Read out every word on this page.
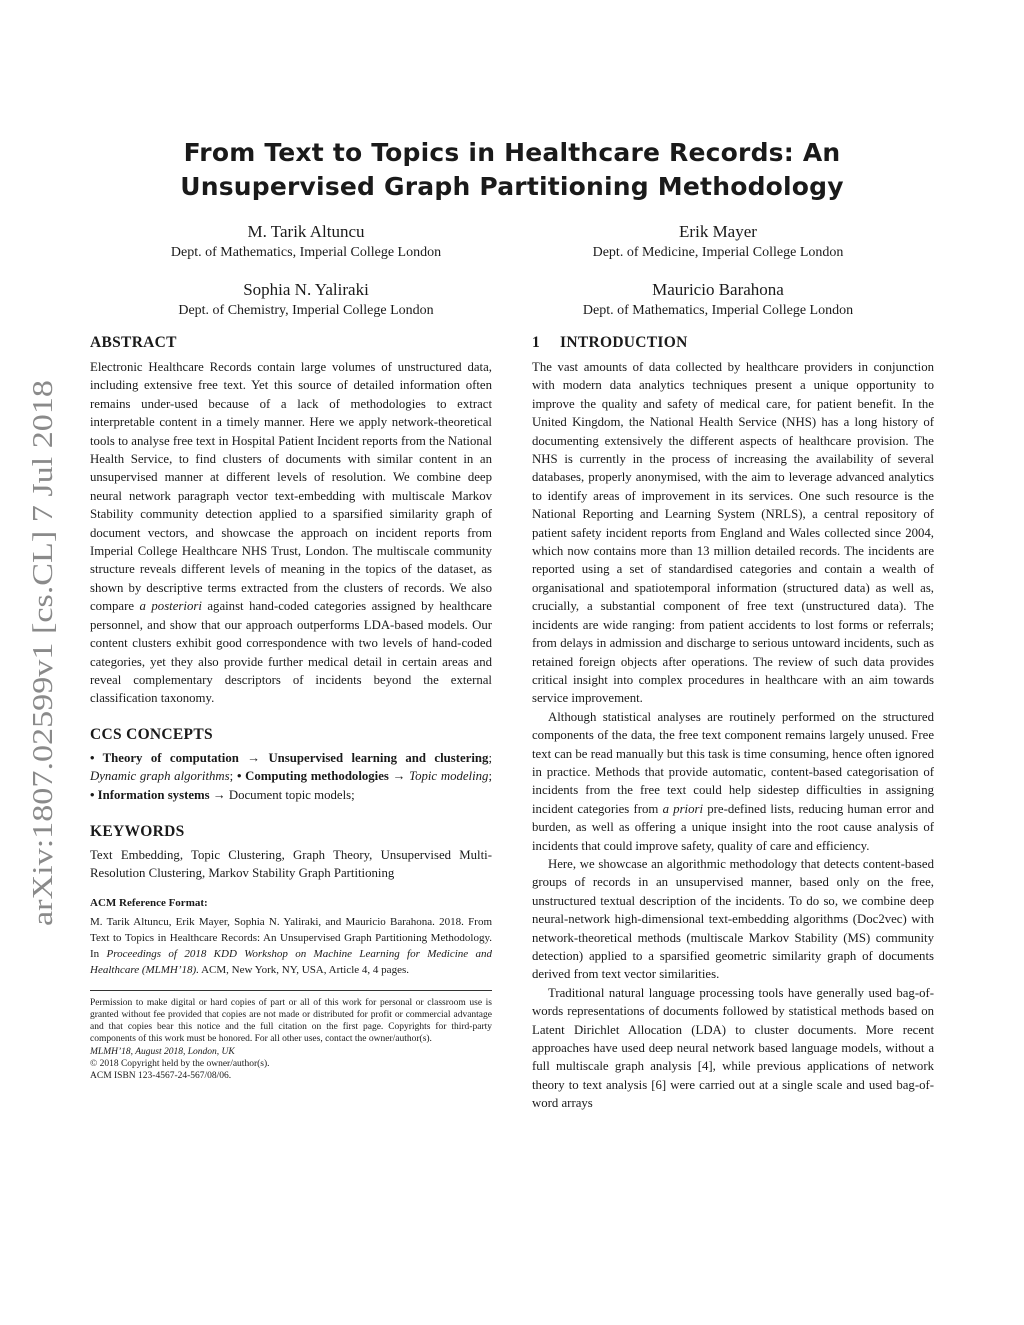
arXiv:1807.02599v1 [cs.CL] 7 Jul 2018
From Text to Topics in Healthcare Records: An Unsupervised Graph Partitioning Methodology
M. Tarik Altuncu
Dept. of Mathematics, Imperial College London
Erik Mayer
Dept. of Medicine, Imperial College London
Sophia N. Yaliraki
Dept. of Chemistry, Imperial College London
Mauricio Barahona
Dept. of Mathematics, Imperial College London
ABSTRACT

Electronic Healthcare Records contain large volumes of unstructured data, including extensive free text. Yet this source of detailed information often remains under-used because of a lack of methodologies to extract interpretable content in a timely manner. Here we apply network-theoretical tools to analyse free text in Hospital Patient Incident reports from the National Health Service, to find clusters of documents with similar content in an unsupervised manner at different levels of resolution. We combine deep neural network paragraph vector text-embedding with multiscale Markov Stability community detection applied to a sparsified similarity graph of document vectors, and showcase the approach on incident reports from Imperial College Healthcare NHS Trust, London. The multiscale community structure reveals different levels of meaning in the topics of the dataset, as shown by descriptive terms extracted from the clusters of records. We also compare a posteriori against hand-coded categories assigned by healthcare personnel, and show that our approach outperforms LDA-based models. Our content clusters exhibit good correspondence with two levels of hand-coded categories, yet they also provide further medical detail in certain areas and reveal complementary descriptors of incidents beyond the external classification taxonomy.

CCS CONCEPTS

• Theory of computation → Unsupervised learning and clustering; Dynamic graph algorithms; • Computing methodologies → Topic modeling; • Information systems → Document topic models;

KEYWORDS

Text Embedding, Topic Clustering, Graph Theory, Unsupervised Multi-Resolution Clustering, Markov Stability Graph Partitioning

ACM Reference Format:

M. Tarik Altuncu, Erik Mayer, Sophia N. Yaliraki, and Mauricio Barahona. 2018. From Text to Topics in Healthcare Records: An Unsupervised Graph Partitioning Methodology. In Proceedings of 2018 KDD Workshop on Machine Learning for Medicine and Healthcare (MLMH’18). ACM, New York, NY, USA, Article 4, 4 pages.

Permission to make digital or hard copies of part or all of this work for personal or classroom use is granted without fee provided that copies are not made or distributed for profit or commercial advantage and that copies bear this notice and the full citation on the first page. Copyrights for third-party components of this work must be honored. For all other uses, contact the owner/author(s).

MLMH’18, August 2018, London, UK

© 2018 Copyright held by the owner/author(s).

ACM ISBN 123-4567-24-567/08/06.

1 INTRODUCTION

The vast amounts of data collected by healthcare providers in conjunction with modern data analytics techniques present a unique opportunity to improve the quality and safety of medical care, for patient benefit. In the United Kingdom, the National Health Service (NHS) has a long history of documenting extensively the different aspects of healthcare provision. The NHS is currently in the process of increasing the availability of several databases, properly anonymised, with the aim to leverage advanced analytics to identify areas of improvement in its services. One such resource is the National Reporting and Learning System (NRLS), a central repository of patient safety incident reports from England and Wales collected since 2004, which now contains more than 13 million detailed records. The incidents are reported using a set of standardised categories and contain a wealth of organisational and spatiotemporal information (structured data) as well as, crucially, a substantial component of free text (unstructured data). The incidents are wide ranging: from patient accidents to lost forms or referrals; from delays in admission and discharge to serious untoward incidents, such as retained foreign objects after operations. The review of such data provides critical insight into complex procedures in healthcare with an aim towards service improvement.

Although statistical analyses are routinely performed on the structured components of the data, the free text component remains largely unused. Free text can be read manually but this task is time consuming, hence often ignored in practice. Methods that provide automatic, content-based categorisation of incidents from the free text could help sidestep difficulties in assigning incident categories from a priori pre-defined lists, reducing human error and burden, as well as offering a unique insight into the root cause analysis of incidents that could improve safety, quality of care and efficiency.

Here, we showcase an algorithmic methodology that detects content-based groups of records in an unsupervised manner, based only on the free, unstructured textual description of the incidents. To do so, we combine deep neural-network high-dimensional text-embedding algorithms (Doc2vec) with network-theoretical methods (multiscale Markov Stability (MS) community detection) applied to a sparsified geometric similarity graph of documents derived from text vector similarities.

Traditional natural language processing tools have generally used bag-of-words representations of documents followed by statistical methods based on Latent Dirichlet Allocation (LDA) to cluster documents. More recent approaches have used deep neural network based language models, without a full multiscale graph analysis [4], while previous applications of network theory to text analysis [6] were carried out at a single scale and used bag-of-word arrays
